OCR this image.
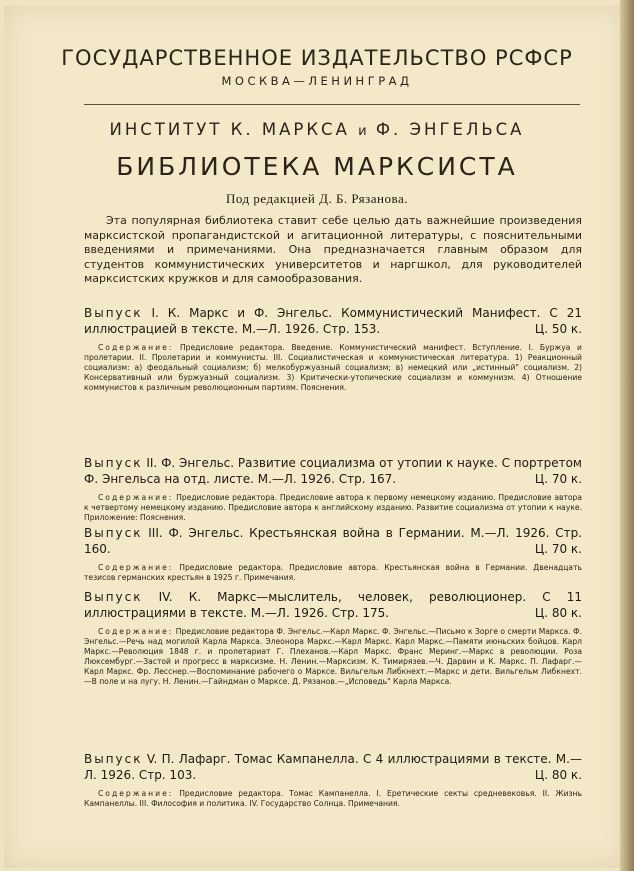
ГОСУДАРСТВЕННОЕ ИЗДАТЕЛЬСТВО РСФСР
МОСКВА—ЛЕНИНГРАД
ИНСТИТУТ К. МАРКСА и Ф. ЭНГЕЛЬСА
БИБЛИОТЕКА МАРКСИСТА
Под редакцией Д. Б. Рязанова.
Эта популярная библиотека ставит себе целью дать важнейшие произведения марксистской пропагандистской и агитационной литературы, с пояснительными введениями и примечаниями. Она предназначается главным образом для студентов коммунистических университетов и наргшкол, для руководителей марксистских кружков и для самообразования.
Выпуск I. К. Маркс и Ф. Энгельс. Коммунистический Манифест. С 21 иллюстрацией в тексте. М.—Л. 1926. Стр. 153.	Ц. 50 к.
Содержание: Предисловие редактора. Введение. Коммунистический манифест. Вступление. I. Буржуа и пролетарии. II. Пролетарии и коммунисты. III. Социалистическая и коммунистическая литература. 1) Реакционный социализм: а) феодальный социализм; б) мелкобуржуазный социализм; в) немецкий или „истинный" социализм. 2) Консервативный или буржуазный социализм. 3) Критически-утопические социализм и коммунизм. 4) Отношение коммунистов к различным революционным партиям. Пояснения.
Выпуск II. Ф. Энгельс. Развитие социализма от утопии к науке. С портретом Ф. Энгельса на отд. листе. М.—Л. 1926. Стр. 167.	Ц. 70 к.
Содержание: Предисловие редактора. Предисловие автора к первому немецкому изданию. Предисловие автора к четвертому немецкому изданию. Предисловие автора к английскому изданию. Развитие социализма от утопии к науке. Приложение: Пояснения.
Выпуск III. Ф. Энгельс. Крестьянская война в Германии. М.—Л. 1926. Стр. 160.	Ц. 70 к.
Содержание: Предисловие редактора. Предисловие автора. Крестьянская война в Германии. Двенадцать тезисов германских крестьян в 1925 г. Примечания.
Выпуск IV. К. Маркс—мыслитель, человек, революционер. С 11 иллюстрациями в тексте. М.—Л. 1926. Стр. 175.	Ц. 80 к.
Содержание: Предисловие редактора Ф. Энгельс.—Карл Маркс. Ф. Энгельс.—Письмо к Зорге о смерти Маркса. Ф. Энгельс.—Речь над могилой Карла Маркса. Элеонора Маркс.—Карл Маркс. Карл Маркс.—Памяти июньских бойцов. Карл Маркс.—Революция 1848 г. и пролетариат Г. Плеханов.—Карл Маркс. Франс Меринг.—Маркс в революции. Роза Люксембург.—Застой и прогресс в марксизме. Н. Ленин.—Марксизм. К. Тимирязев.—Ч. Дарвин и К. Маркс. П. Лафарг.—Карл Маркс. Фр. Лесснер.—Воспоминание рабочего о Марксе. Вильгельм Либкнехт.—Маркс и дети. Вильгельм Либкнехт.—В поле и на лугу. Н. Ленин.—Гайндман о Марксе. Д. Рязанов.—„Исповедь" Карла Маркса.
Выпуск V. П. Лафарг. Томас Кампанелла. С 4 иллюстрациями в тексте. М.—Л. 1926. Стр. 103.	Ц. 80 к.
Содержание: Предисловие редактора. Томас Кампанелла. I. Еретические секты средневековья. II. Жизнь Кампанеллы. III. Философия и политика. IV. Государство Солнца. Примечания.
